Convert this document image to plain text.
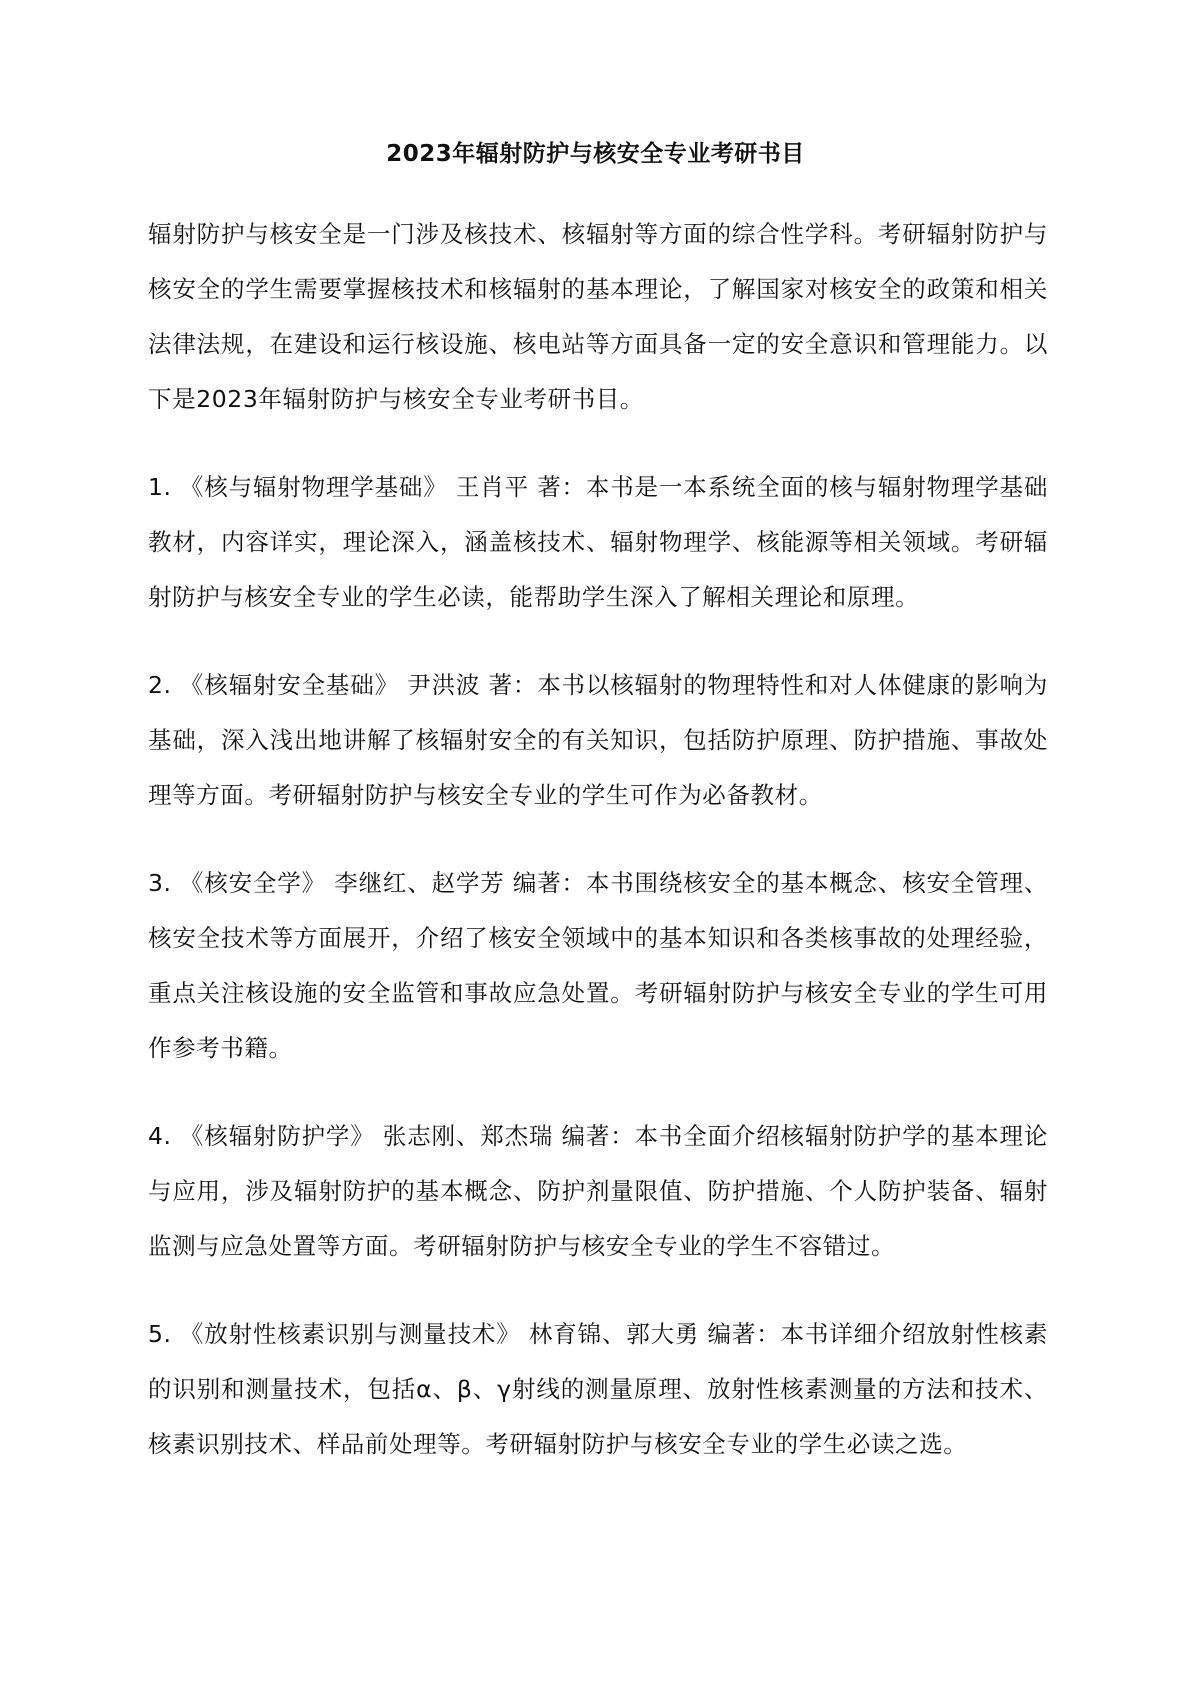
2023年辐射防护与核安全专业考研书目

辐射防护与核安全是一门涉及核技术、核辐射等方面的综合性学科。考研辐射防护与核安全的学生需要掌握核技术和核辐射的基本理论，了解国家对核安全的政策和相关法律法规，在建设和运行核设施、核电站等方面具备一定的安全意识和管理能力。以下是2023年辐射防护与核安全专业考研书目。

1. 《核与辐射物理学基础》 王肖平 著：本书是一本系统全面的核与辐射物理学基础教材，内容详实，理论深入，涵盖核技术、辐射物理学、核能源等相关领域。考研辐射防护与核安全专业的学生必读，能帮助学生深入了解相关理论和原理。

2. 《核辐射安全基础》 尹洪波 著：本书以核辐射的物理特性和对人体健康的影响为基础，深入浅出地讲解了核辐射安全的有关知识，包括防护原理、防护措施、事故处理等方面。考研辐射防护与核安全专业的学生可作为必备教材。

3. 《核安全学》 李继红、赵学芳 编著：本书围绕核安全的基本概念、核安全管理、核安全技术等方面展开，介绍了核安全领域中的基本知识和各类核事故的处理经验，重点关注核设施的安全监管和事故应急处置。考研辐射防护与核安全专业的学生可用作参考书籍。

4. 《核辐射防护学》 张志刚、郑杰瑞 编著：本书全面介绍核辐射防护学的基本理论与应用，涉及辐射防护的基本概念、防护剂量限值、防护措施、个人防护装备、辐射监测与应急处置等方面。考研辐射防护与核安全专业的学生不容错过。

5. 《放射性核素识别与测量技术》 林育锦、郭大勇 编著：本书详细介绍放射性核素的识别和测量技术，包括α、β、γ射线的测量原理、放射性核素测量的方法和技术、核素识别技术、样品前处理等。考研辐射防护与核安全专业的学生必读之选。
